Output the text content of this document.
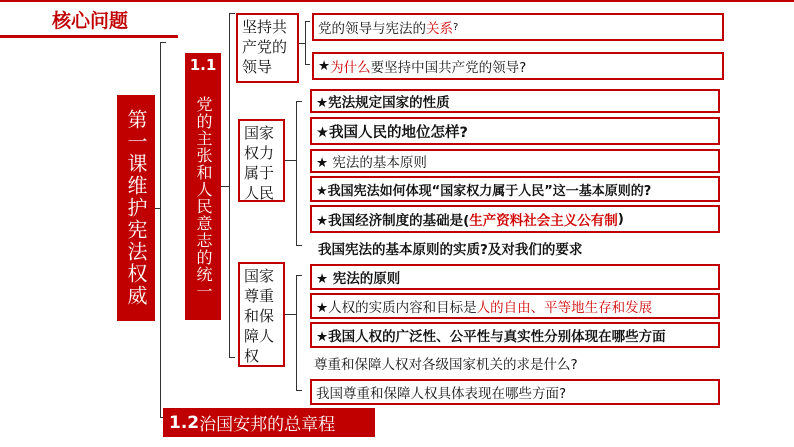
核心问题
第一课维护宪法权威
1.1
党的主张和人民意志的统一
1.2 治国安邦的总章程
坚持共产党的领导
国家权力属于人民
国家尊重和保障人权
党的领导与宪法的 关系 ?
★ 为什么 要坚持中国共产党的领导?
★宪法规定国家的性质
★我国人民的地位怎样?
★ 宪法的基本原则
★我国宪法如何体现“国家权力属于人民”这一基本原则的?
★我国经济制度的基础是( 生产资料社会主义公有制 )
我国宪法的基本原则的实质?及对我们的要求
★ 宪法的原则
★人权的实质内容和目标是 人的自由、平等地生存和发展
★我国人权的广泛性、公平性与真实性分别体现在哪些方面
尊重和保障人权对各级国家机关的求是什么?
我国尊重和保障人权具体表现在哪些方面?
